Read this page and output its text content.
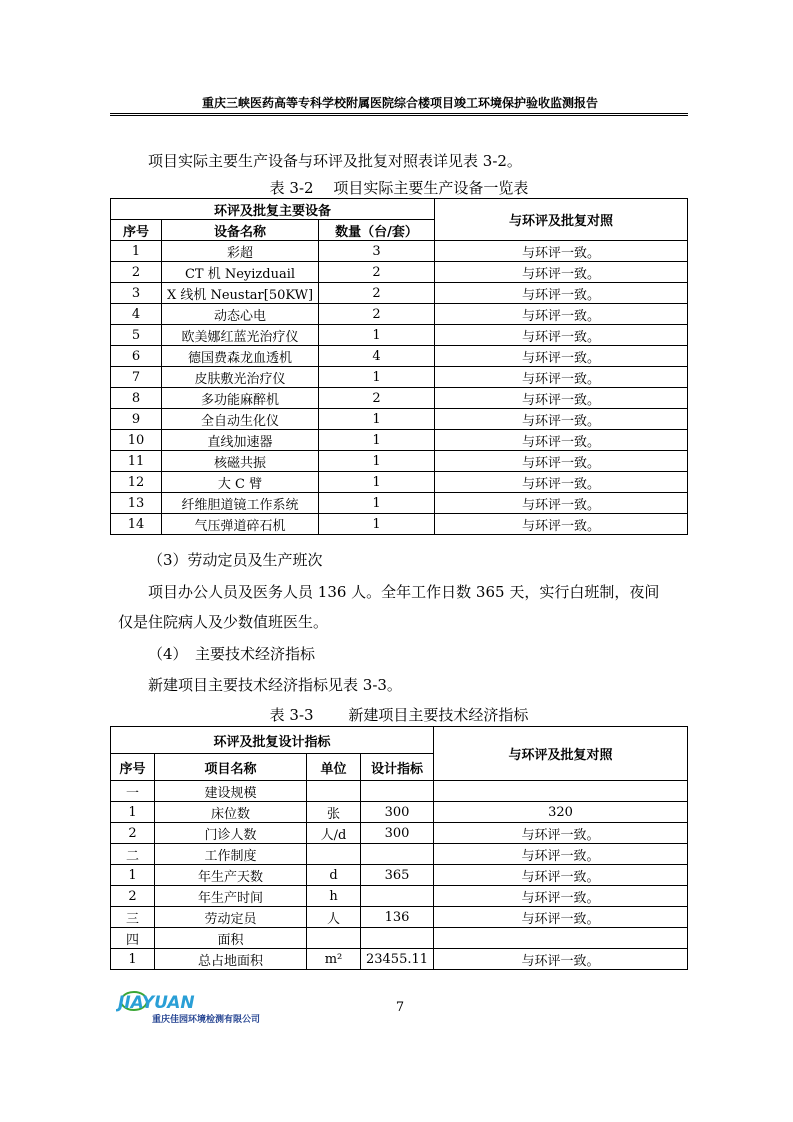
重庆三峡医药高等专科学校附属医院综合楼项目竣工环境保护验收监测报告
项目实际主要生产设备与环评及批复对照表详见表 3-2。
表 3-2　 项目实际主要生产设备一览表
环评及批复主要设备			与环评及批复对照
序号	设备名称	数量（台/套）	
1	彩超	3	与环评一致。
2	CT 机 Neyizduail	2	与环评一致。
3	X 线机 Neustar[50KW]	2	与环评一致。
4	动态心电	2	与环评一致。
5	欧美娜红蓝光治疗仪	1	与环评一致。
6	德国费森龙血透机	4	与环评一致。
7	皮肤敷光治疗仪	1	与环评一致。
8	多功能麻醉机	2	与环评一致。
9	全自动生化仪	1	与环评一致。
10	直线加速器	1	与环评一致。
11	核磁共振	1	与环评一致。
12	大 C 臂	1	与环评一致。
13	纤维胆道镜工作系统	1	与环评一致。
14	气压弹道碎石机	1	与环评一致。
（3）劳动定员及生产班次
项目办公人员及医务人员 136 人。全年工作日数 365 天，实行白班制，夜间
仅是住院病人及少数值班医生。
（4）　主要技术经济指标
新建项目主要技术经济指标见表 3-3。
表 3-3　　 新建项目主要技术经济指标
环评及批复设计指标				与环评及批复对照
序号	项目名称	单位	设计指标	
一	建设规模			
1	床位数	张	300	320
2	门诊人数	人/d	300	与环评一致。
二	工作制度			与环评一致。
1	年生产天数	d	365	与环评一致。
2	年生产时间	h		与环评一致。
三	劳动定员	人	136	与环评一致。
四	面积			
1	总占地面积	m²	23455.11	与环评一致。
JIAYUAN
重庆佳园环境检测有限公司
7
